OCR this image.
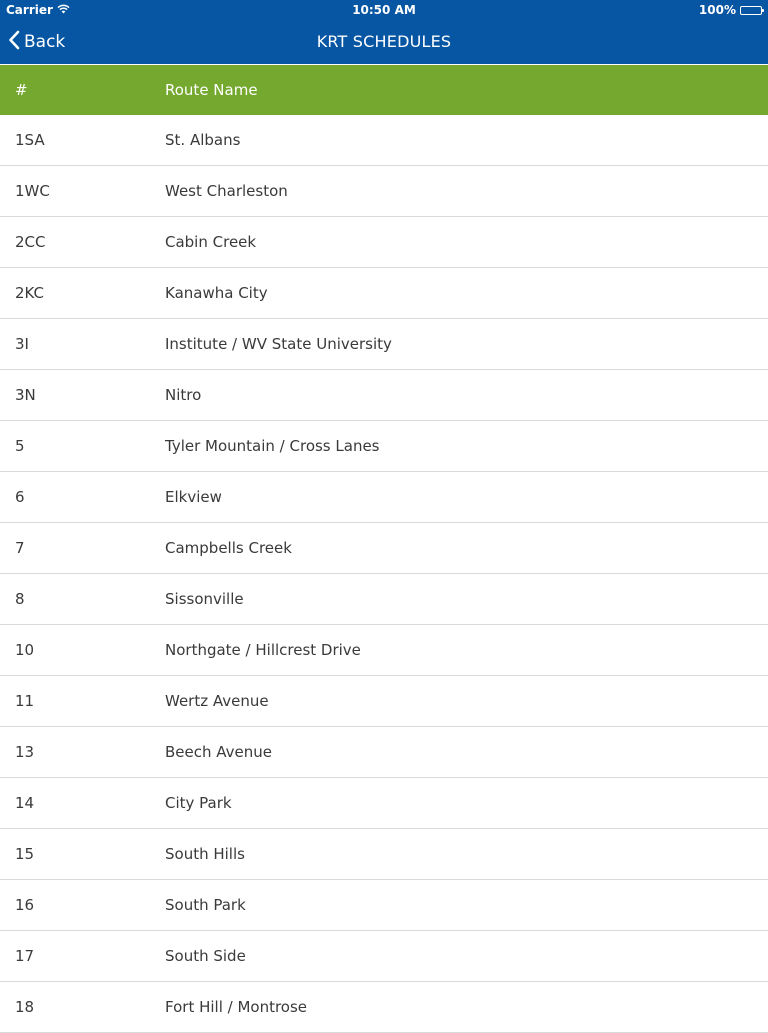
Carrier	10:50 AM	100%
Back	KRT SCHEDULES
#	Route Name
1SA	St. Albans
1WC	West Charleston
2CC	Cabin Creek
2KC	Kanawha City
3I	Institute / WV State University
3N	Nitro
5	Tyler Mountain / Cross Lanes
6	Elkview
7	Campbells Creek
8	Sissonville
10	Northgate / Hillcrest Drive
11	Wertz Avenue
13	Beech Avenue
14	City Park
15	South Hills
16	South Park
17	South Side
18	Fort Hill / Montrose
